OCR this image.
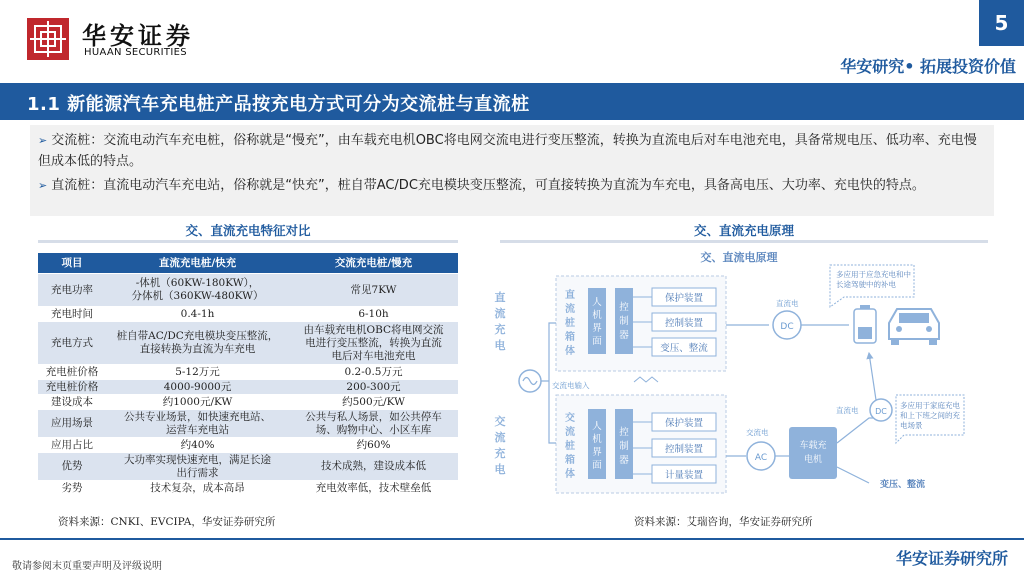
华安证券
HUAAN SECURITIES
5
华安研究• 拓展投资价值
1.1 新能源汽车充电桩产品按充电方式可分为交流桩与直流桩
➢ 交流桩：交流电动汽车充电桩，俗称就是“慢充”，由车载充电机OBC将电网交流电进行变压整流，转换为直流电后对车电池充电，具备常规电压、低功率、充电慢但成本低的特点。
➢ 直流桩：直流电动汽车充电站，俗称就是“快充”，桩自带AC/DC充电模块变压整流，可直接转换为直流为车充电，具备高电压、大功率、充电快的特点。
交、直流充电特征对比
项目	直流充电桩/快充	交流充电桩/慢充
充电功率	-体机（60KW-180KW），
分体机（360KW-480KW）	常见7KW
充电时间	0.4-1h	6-10h
充电方式	桩自带AC/DC充电模块变压整流，
直接转换为直流为车充电	由车载充电机OBC将电网交流
电进行变压整流，转换为直流
电后对车电池充电
充电桩价格	5-12万元	0.2-0.5万元
充电桩价格	4000-9000元	200-300元
建设成本	约1000元/KW	约500元/KW
应用场景	公共专业场景，如快速充电站、
运营车充电站	公共与私人场景，如公共停车
场、购物中心、小区车库
应用占比	约40%	约60%
优势	大功率实现快速充电，满足长途
出行需求	技术成熟，建设成本低
劣势	技术复杂，成本高昂	充电效率低，技术壁垒低
资料来源：CNKI、EVCIPA，华安证券研究所
交、直流充电原理
交、直流电原理
直流充电
交流充电
直流桩箱体
人机界面
控制器
保护装置
控制装置
变压、整流
交流桩箱体
人机界面
控制器
保护装置
控制装置
计量装置
交流电输入
直流电
DC
多应用于应急充电和中长途驾驶中的补电
交流电
AC
车载充电机
直流电 DC
变压、整流
多应用于家庭充电和上下班之间的充电场景
资料来源：艾瑞咨询，华安证券研究所
敬请参阅末页重要声明及评级说明	华安证券研究所
